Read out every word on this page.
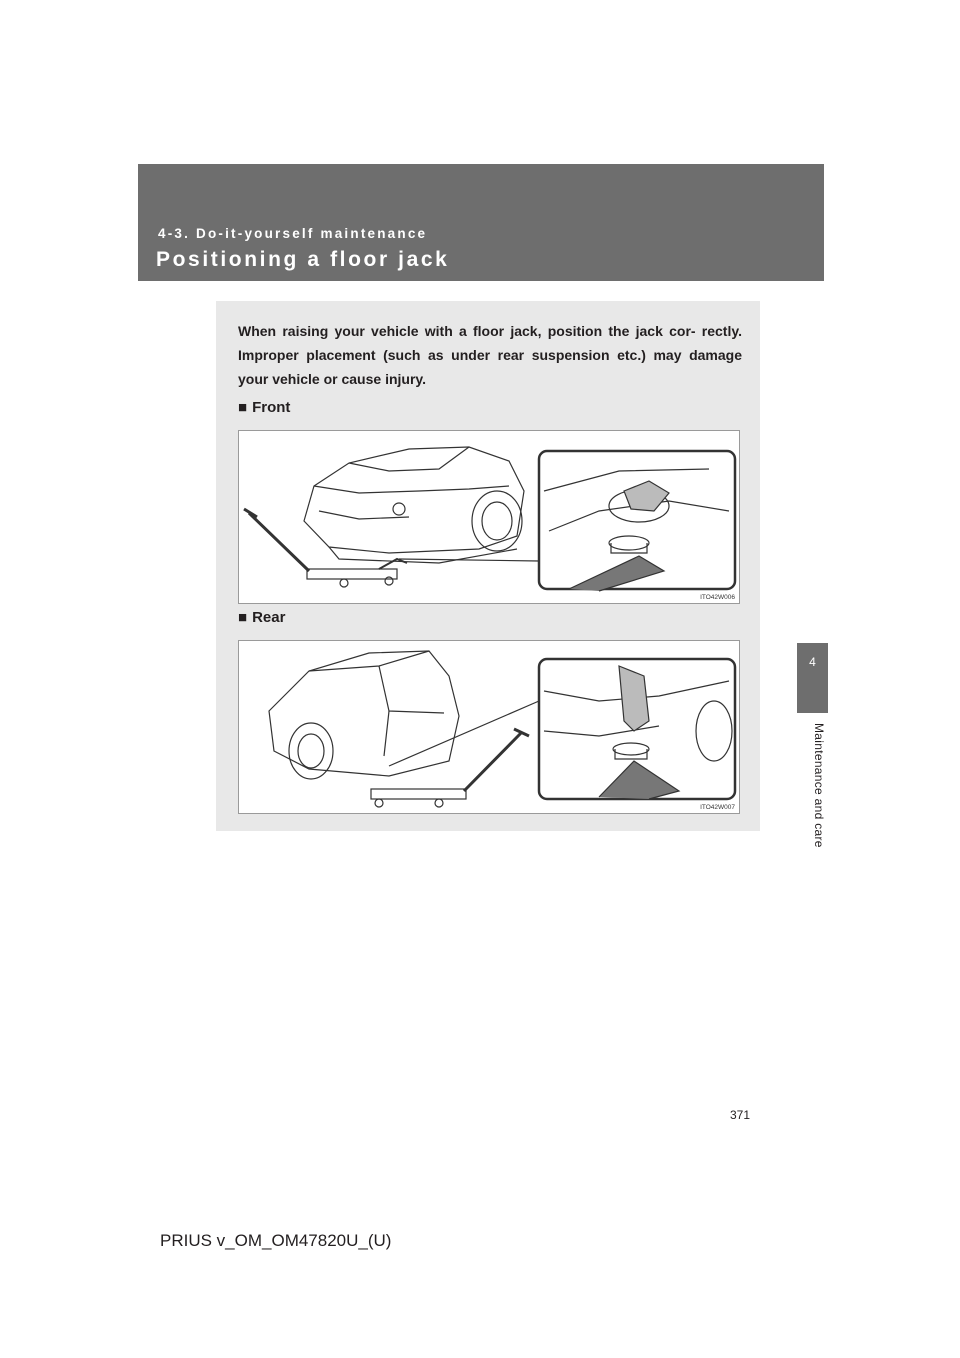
4-3. Do-it-yourself maintenance
Positioning a floor jack
4
Maintenance and care
When raising your vehicle with a floor jack, position the jack cor- rectly. Improper placement (such as under rear suspension etc.) may damage your vehicle or cause injury.
■ Front
ITO42W006
■ Rear
ITO42W007
371
PRIUS v_OM_OM47820U_(U)
